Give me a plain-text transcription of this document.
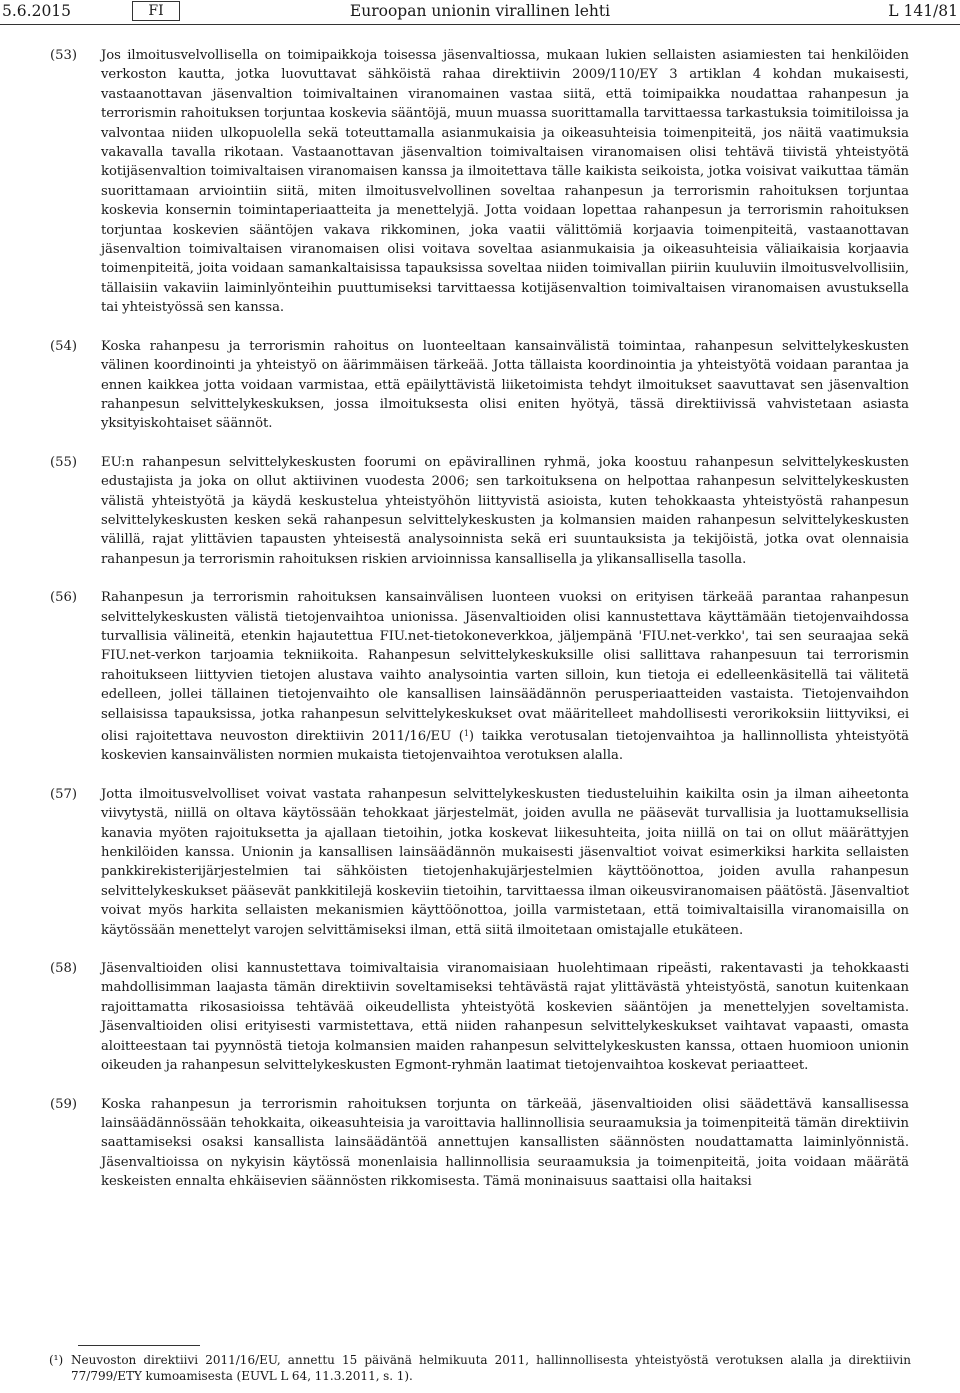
5.6.2015	FI	Euroopan unionin virallinen lehti	L 141/81
(53) Jos ilmoitusvelvollisella on toimipaikkoja toisessa jäsenvaltiossa, mukaan lukien sellaisten asiamiesten tai henkilöiden verkoston kautta, jotka luovuttavat sähköistä rahaa direktiivin 2009/110/EY 3 artiklan 4 kohdan mukaisesti, vastaanottavan jäsenvaltion toimivaltainen viranomainen vastaa siitä, että toimipaikka noudattaa rahanpesun ja terrorismin rahoituksen torjuntaa koskevia sääntöjä, muun muassa suorittamalla tarvittaessa tarkastuksia toimitiloissa ja valvontaa niiden ulkopuolella sekä toteuttamalla asianmukaisia ja oikeasuhteisia toimenpiteitä, jos näitä vaatimuksia vakavalla tavalla rikotaan. Vastaanottavan jäsenvaltion toimivaltaisen viranomaisen olisi tehtävä tiivistä yhteistyötä kotijäsenvaltion toimivaltaisen viranomaisen kanssa ja ilmoitettava tälle kaikista seikoista, jotka voisivat vaikuttaa tämän suorittamaan arviointiin siitä, miten ilmoitusvelvollinen soveltaa rahanpesun ja terrorismin rahoituksen torjuntaa koskevia konsernin toimintaperiaatteita ja menettelyjä. Jotta voidaan lopettaa rahanpesun ja terrorismin rahoituksen torjuntaa koskevien sääntöjen vakava rikkominen, joka vaatii välittömiä korjaavia toimenpiteitä, vastaanottavan jäsenvaltion toimivaltaisen viranomaisen olisi voitava soveltaa asianmukaisia ja oikeasuhteisia väliaikaisia korjaavia toimenpiteitä, joita voidaan samankaltaisissa tapauksissa soveltaa niiden toimivallan piiriin kuuluviin ilmoitusvelvollisiin, tällaisiin vakaviin laiminlyönteihin puuttumiseksi tarvittaessa kotijäsenvaltion toimivaltaisen viranomaisen avustuksella tai yhteistyössä sen kanssa.
(54) Koska rahanpesu ja terrorismin rahoitus on luonteeltaan kansainvälistä toimintaa, rahanpesun selvittelykeskusten välinen koordinointi ja yhteistyö on äärimmäisen tärkeää. Jotta tällaista koordinointia ja yhteistyötä voidaan parantaa ja ennen kaikkea jotta voidaan varmistaa, että epäilyttävistä liiketoimista tehdyt ilmoitukset saavuttavat sen jäsenvaltion rahanpesun selvittelykeskuksen, jossa ilmoituksesta olisi eniten hyötyä, tässä direktiivissä vahvistetaan asiasta yksityiskohtaiset säännöt.
(55) EU:n rahanpesun selvittelykeskusten foorumi on epävirallinen ryhmä, joka koostuu rahanpesun selvittelykeskusten edustajista ja joka on ollut aktiivinen vuodesta 2006; sen tarkoituksena on helpottaa rahanpesun selvittelykeskusten välistä yhteistyötä ja käydä keskustelua yhteistyöhön liittyvistä asioista, kuten tehokkaasta yhteistyöstä rahanpesun selvittelykeskusten kesken sekä rahanpesun selvittelykeskusten ja kolmansien maiden rahanpesun selvittelykeskusten välillä, rajat ylittävien tapausten yhteisestä analysoinnista sekä eri suuntauksista ja tekijöistä, jotka ovat olennaisia rahanpesun ja terrorismin rahoituksen riskien arvioinnissa kansallisella ja ylikansallisella tasolla.
(56) Rahanpesun ja terrorismin rahoituksen kansainvälisen luonteen vuoksi on erityisen tärkeää parantaa rahanpesun selvittelykeskusten välistä tietojenvaihtoa unionissa. Jäsenvaltioiden olisi kannustettava käyttämään tietojenvaihdossa turvallisia välineitä, etenkin hajautettua FIU.net-tietokoneverkkoa, jäljempänä 'FIU.net-verkko', tai sen seuraajaa sekä FIU.net-verkon tarjoamia tekniikoita. Rahanpesun selvittelykeskuksille olisi sallittava rahanpesuun tai terrorismin rahoitukseen liittyvien tietojen alustava vaihto analysointia varten silloin, kun tietoja ei edelleenkäsitellä tai välitetä edelleen, jollei tällainen tietojenvaihto ole kansallisen lainsäädännön perusperiaatteiden vastaista. Tietojenvaihdon sellaisissa tapauksissa, jotka rahanpesun selvittelykeskukset ovat määritelleet mahdollisesti verorikoksiin liittyviksi, ei olisi rajoitettava neuvoston direktiivin 2011/16/EU ($^1$) taikka verotusalan tietojenvaihtoa ja hallinnollista yhteistyötä koskevien kansainvälisten normien mukaista tietojenvaihtoa verotuksen alalla.
(57) Jotta ilmoitusvelvolliset voivat vastata rahanpesun selvittelykeskusten tiedusteluihin kaikilta osin ja ilman aiheetonta viivytystä, niillä on oltava käytössään tehokkaat järjestelmät, joiden avulla ne pääsevät turvallisia ja luottamuksellisia kanavia myöten rajoituksetta ja ajallaan tietoihin, jotka koskevat liikesuhteita, joita niillä on tai on ollut määrättyjen henkilöiden kanssa. Unionin ja kansallisen lainsäädännön mukaisesti jäsenvaltiot voivat esimerkiksi harkita sellaisten pankkirekisterijärjestelmien tai sähköisten tietojenhakujärjestelmien käyttöönottoa, joiden avulla rahanpesun selvittelykeskukset pääsevät pankkitilejä koskeviin tietoihin, tarvittaessa ilman oikeusviranomaisen päätöstä. Jäsenvaltiot voivat myös harkita sellaisten mekanismien käyttöönottoa, joilla varmistetaan, että toimivaltaisilla viranomaisilla on käytössään menettelyt varojen selvittämiseksi ilman, että siitä ilmoitetaan omistajalle etukäteen.
(58) Jäsenvaltioiden olisi kannustettava toimivaltaisia viranomaisiaan huolehtimaan ripeästi, rakentavasti ja tehokkaasti mahdollisimman laajasta tämän direktiivin soveltamiseksi tehtävästä rajat ylittävästä yhteistyöstä, sanotun kuitenkaan rajoittamatta rikosasioissa tehtävää oikeudellista yhteistyötä koskevien sääntöjen ja menettelyjen soveltamista. Jäsenvaltioiden olisi erityisesti varmistettava, että niiden rahanpesun selvittelykeskukset vaihtavat vapaasti, omasta aloitteestaan tai pyynnöstä tietoja kolmansien maiden rahanpesun selvittelykeskusten kanssa, ottaen huomioon unionin oikeuden ja rahanpesun selvittelykeskusten Egmont-ryhmän laatimat tietojenvaihtoa koskevat periaatteet.
(59) Koska rahanpesun ja terrorismin rahoituksen torjunta on tärkeää, jäsenvaltioiden olisi säädettävä kansallisessa lainsäädännössään tehokkaita, oikeasuhteisia ja varoittavia hallinnollisia seuraamuksia ja toimenpiteitä tämän direktiivin saattamiseksi osaksi kansallista lainsäädäntöä annettujen kansallisten säännösten noudattamatta laiminlyönnistä. Jäsenvaltioissa on nykyisin käytössä monenlaisia hallinnollisia seuraamuksia ja toimenpiteitä, joita voidaan määrätä keskeisten ennalta ehkäisevien säännösten rikkomisesta. Tämä moninaisuus saattaisi olla haitaksi
(¹) Neuvoston direktiivi 2011/16/EU, annettu 15 päivänä helmikuuta 2011, hallinnollisesta yhteistyöstä verotuksen alalla ja direktiivin 77/799/ETY kumoamisesta (EUVL L 64, 11.3.2011, s. 1).
